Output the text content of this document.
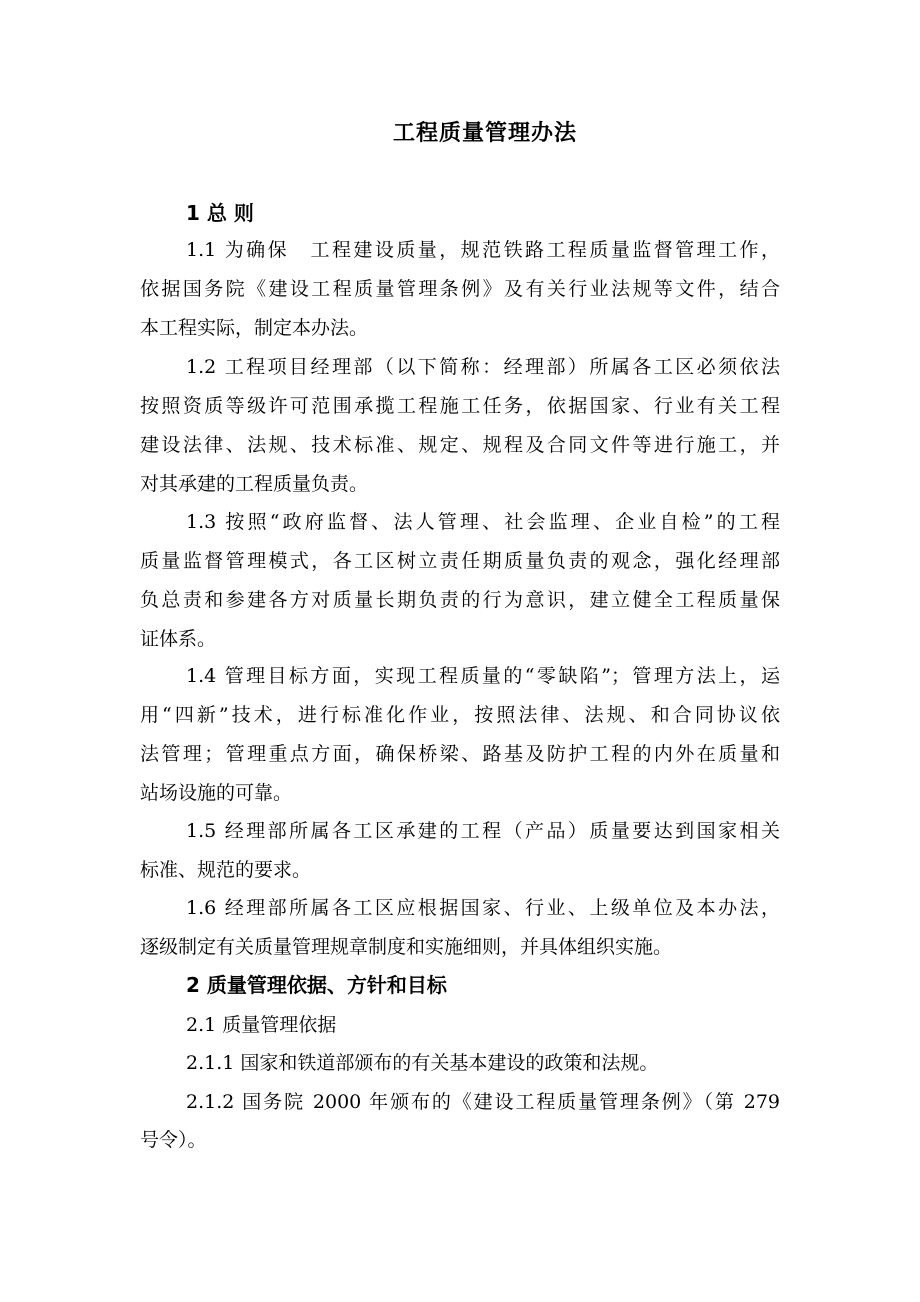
工程质量管理办法
1 总 则
1.1 为确保　工程建设质量，规范铁路工程质量监督管理工作，
依据国务院《建设工程质量管理条例》及有关行业法规等文件，结合
本工程实际，制定本办法。
1.2 工程项目经理部（以下简称：经理部）所属各工区必须依法
按照资质等级许可范围承揽工程施工任务，依据国家、行业有关工程
建设法律、法规、技术标准、规定、规程及合同文件等进行施工，并
对其承建的工程质量负责。
1.3 按照“政府监督、法人管理、社会监理、企业自检”的工程
质量监督管理模式，各工区树立责任期质量负责的观念，强化经理部
负总责和参建各方对质量长期负责的行为意识，建立健全工程质量保
证体系。
1.4 管理目标方面，实现工程质量的“零缺陷”；管理方法上，运
用“四新”技术，进行标准化作业，按照法律、法规、和合同协议依
法管理；管理重点方面，确保桥梁、路基及防护工程的内外在质量和
站场设施的可靠。
1.5 经理部所属各工区承建的工程（产品）质量要达到国家相关
标准、规范的要求。
1.6 经理部所属各工区应根据国家、行业、上级单位及本办法，
逐级制定有关质量管理规章制度和实施细则，并具体组织实施。
2 质量管理依据、方针和目标
2.1 质量管理依据
2.1.1 国家和铁道部颁布的有关基本建设的政策和法规。
2.1.2 国务院 2000 年颁布的《建设工程质量管理条例》（第 279
号令）。
